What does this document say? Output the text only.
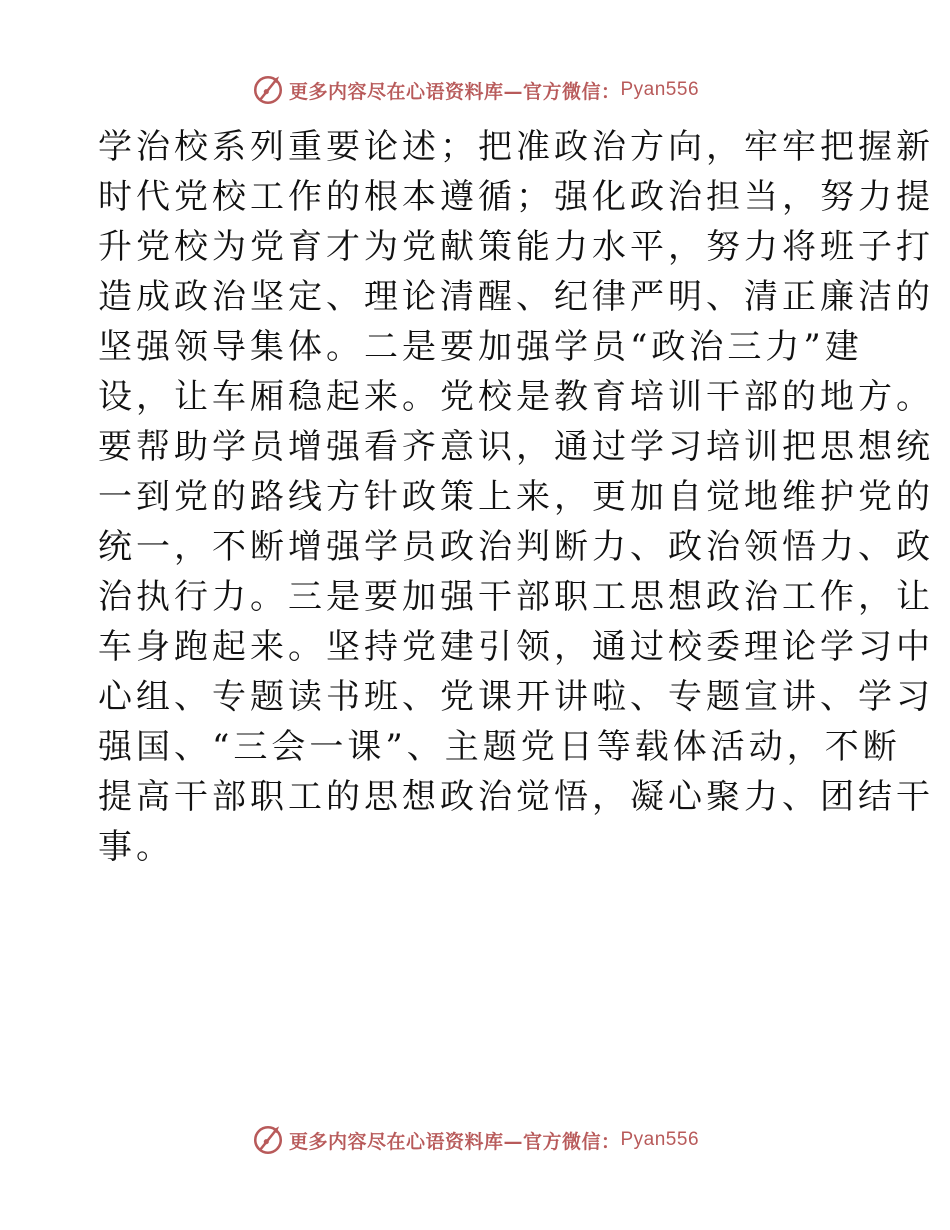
更多内容尽在心语资料库—官方微信： Pyan556
学治校系列重要论述；把准政治方向，牢牢把握新
时代党校工作的根本遵循；强化政治担当，努力提
升党校为党育才为党献策能力水平，努力将班子打
造成政治坚定、理论清醒、纪律严明、清正廉洁的
坚强领导集体。二是要加强学员“政治三力”建
设，让车厢稳起来。党校是教育培训干部的地方。
要帮助学员增强看齐意识，通过学习培训把思想统
一到党的路线方针政策上来，更加自觉地维护党的
统一，不断增强学员政治判断力、政治领悟力、政
治执行力。三是要加强干部职工思想政治工作，让
车身跑起来。坚持党建引领，通过校委理论学习中
心组、专题读书班、党课开讲啦、专题宣讲、学习
强国、“三会一课”、主题党日等载体活动，不断
提高干部职工的思想政治觉悟，凝心聚力、团结干
事。
更多内容尽在心语资料库—官方微信： Pyan556
